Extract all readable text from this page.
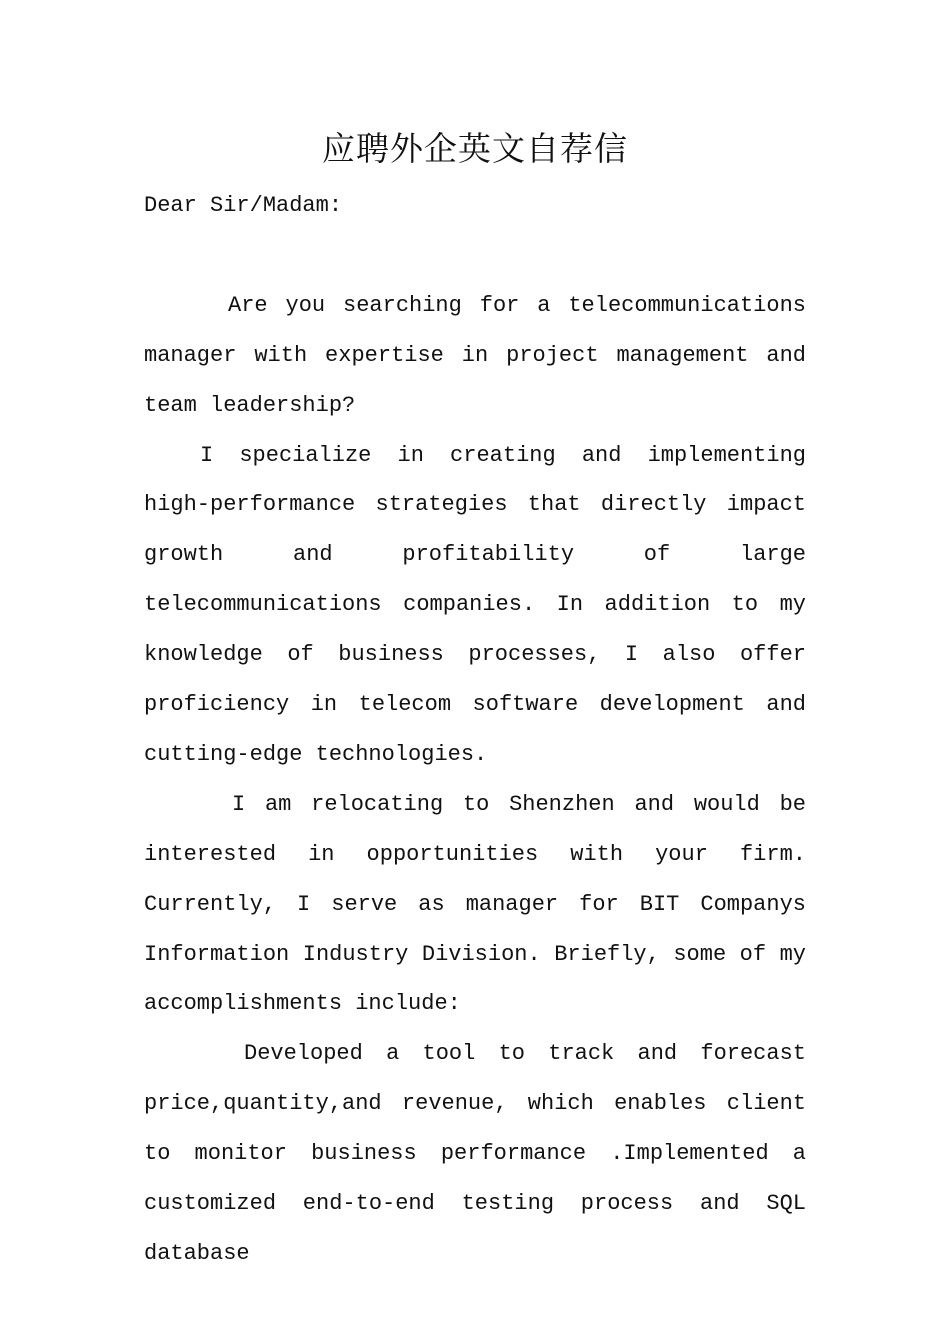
应聘外企英文自荐信

Dear Sir/Madam:

Are you searching for a telecommunications manager with expertise in project management and team leadership?

I specialize in creating and implementing high-performance strategies that directly impact growth and profitability of large telecommunications companies. In addition to my knowledge of business processes, I also offer proficiency in telecom software development and cutting-edge technologies.

I am relocating to Shenzhen and would be interested in opportunities with your firm. Currently, I serve as manager for BIT Companys Information Industry Division. Briefly, some of my accomplishments include:

Developed a tool to track and forecast price,quantity,and revenue, which enables client to monitor business performance .Implemented a customized end-to-end testing process and SQL database
